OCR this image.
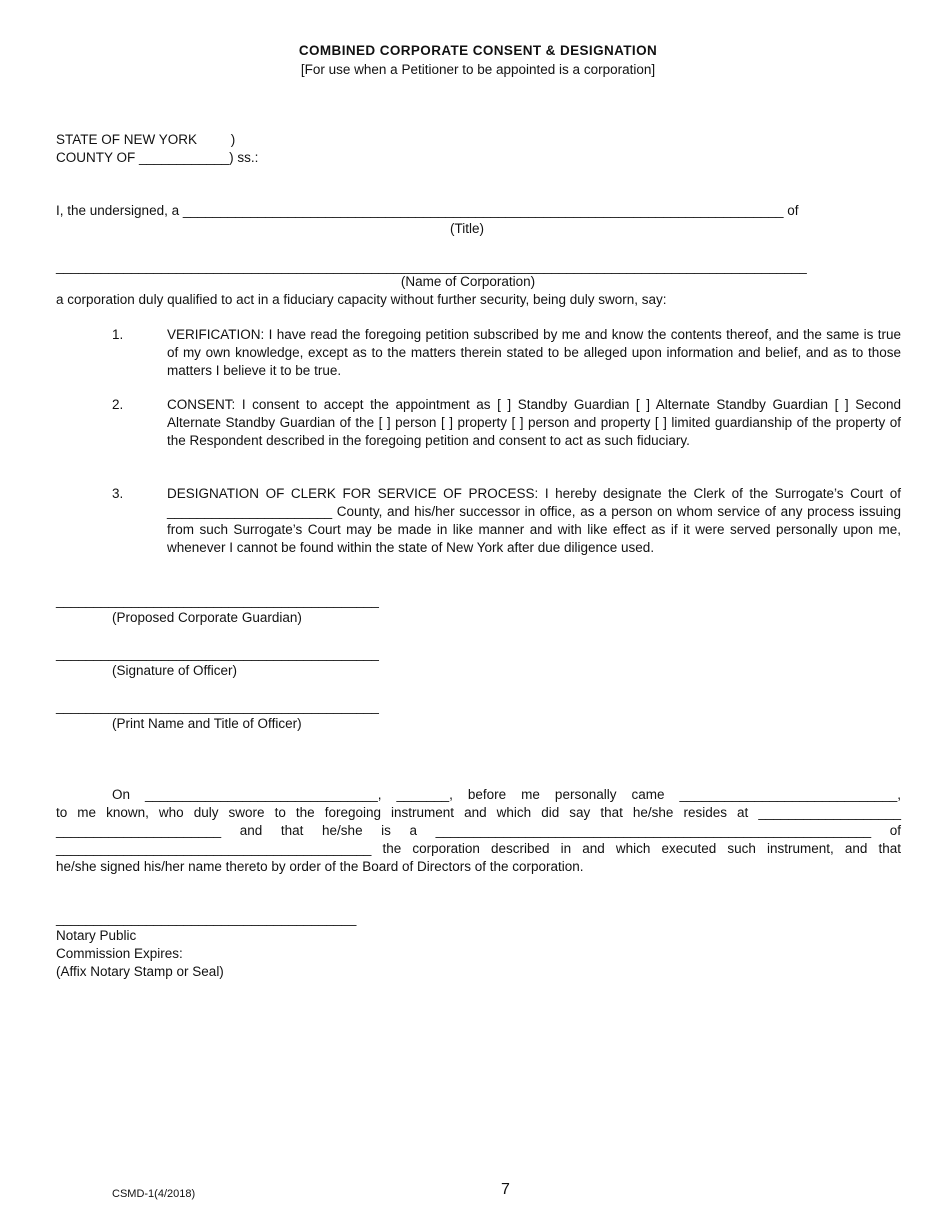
COMBINED CORPORATE CONSENT & DESIGNATION
[For use when a Petitioner to be appointed is a corporation]
STATE OF NEW YORK         )
COUNTY OF ____________) ss.:
I, the undersigned, a ________________________________________________________________________________ of
(Title)
____________________________________________________________________________________________________
(Name of Corporation)
a corporation duly qualified to act in a fiduciary capacity without further security, being duly sworn, say:
1.	VERIFICATION: I have read the foregoing petition subscribed by me and know the contents thereof, and the same is true of my own knowledge, except as to the matters therein stated to be alleged upon information and belief, and as to those matters I believe it to be true.
2.	CONSENT: I consent to accept the appointment as [ ] Standby Guardian [ ] Alternate Standby Guardian [ ] Second Alternate Standby Guardian of the [ ] person [ ] property [ ] person and property [ ] limited guardianship of the property of the Respondent described in the foregoing petition and consent to act as such fiduciary.
3.	DESIGNATION OF CLERK FOR SERVICE OF PROCESS: I hereby designate the Clerk of the Surrogate’s Court of ______________________ County, and his/her successor in office, as a person on whom service of any process issuing from such Surrogate’s Court may be made in like manner and with like effect as if it were served personally upon me, whenever I cannot be found within the state of New York after due diligence used.
___________________________________________
(Proposed Corporate Guardian)
___________________________________________
(Signature of Officer)
___________________________________________
(Print Name and Title of Officer)
On _______________________________, _______, before me personally came _____________________________,
to me known, who duly swore to the foregoing instrument and which did say that he/she resides at ___________________
______________________ and that he/she is a __________________________________________________________ of
__________________________________________ the corporation described in and which executed such instrument, and that
he/she signed his/her name thereto by order of the Board of Directors of the corporation.
________________________________________
Notary Public
Commission Expires:
(Affix Notary Stamp or Seal)
CSMD-1(4/2018)	7
